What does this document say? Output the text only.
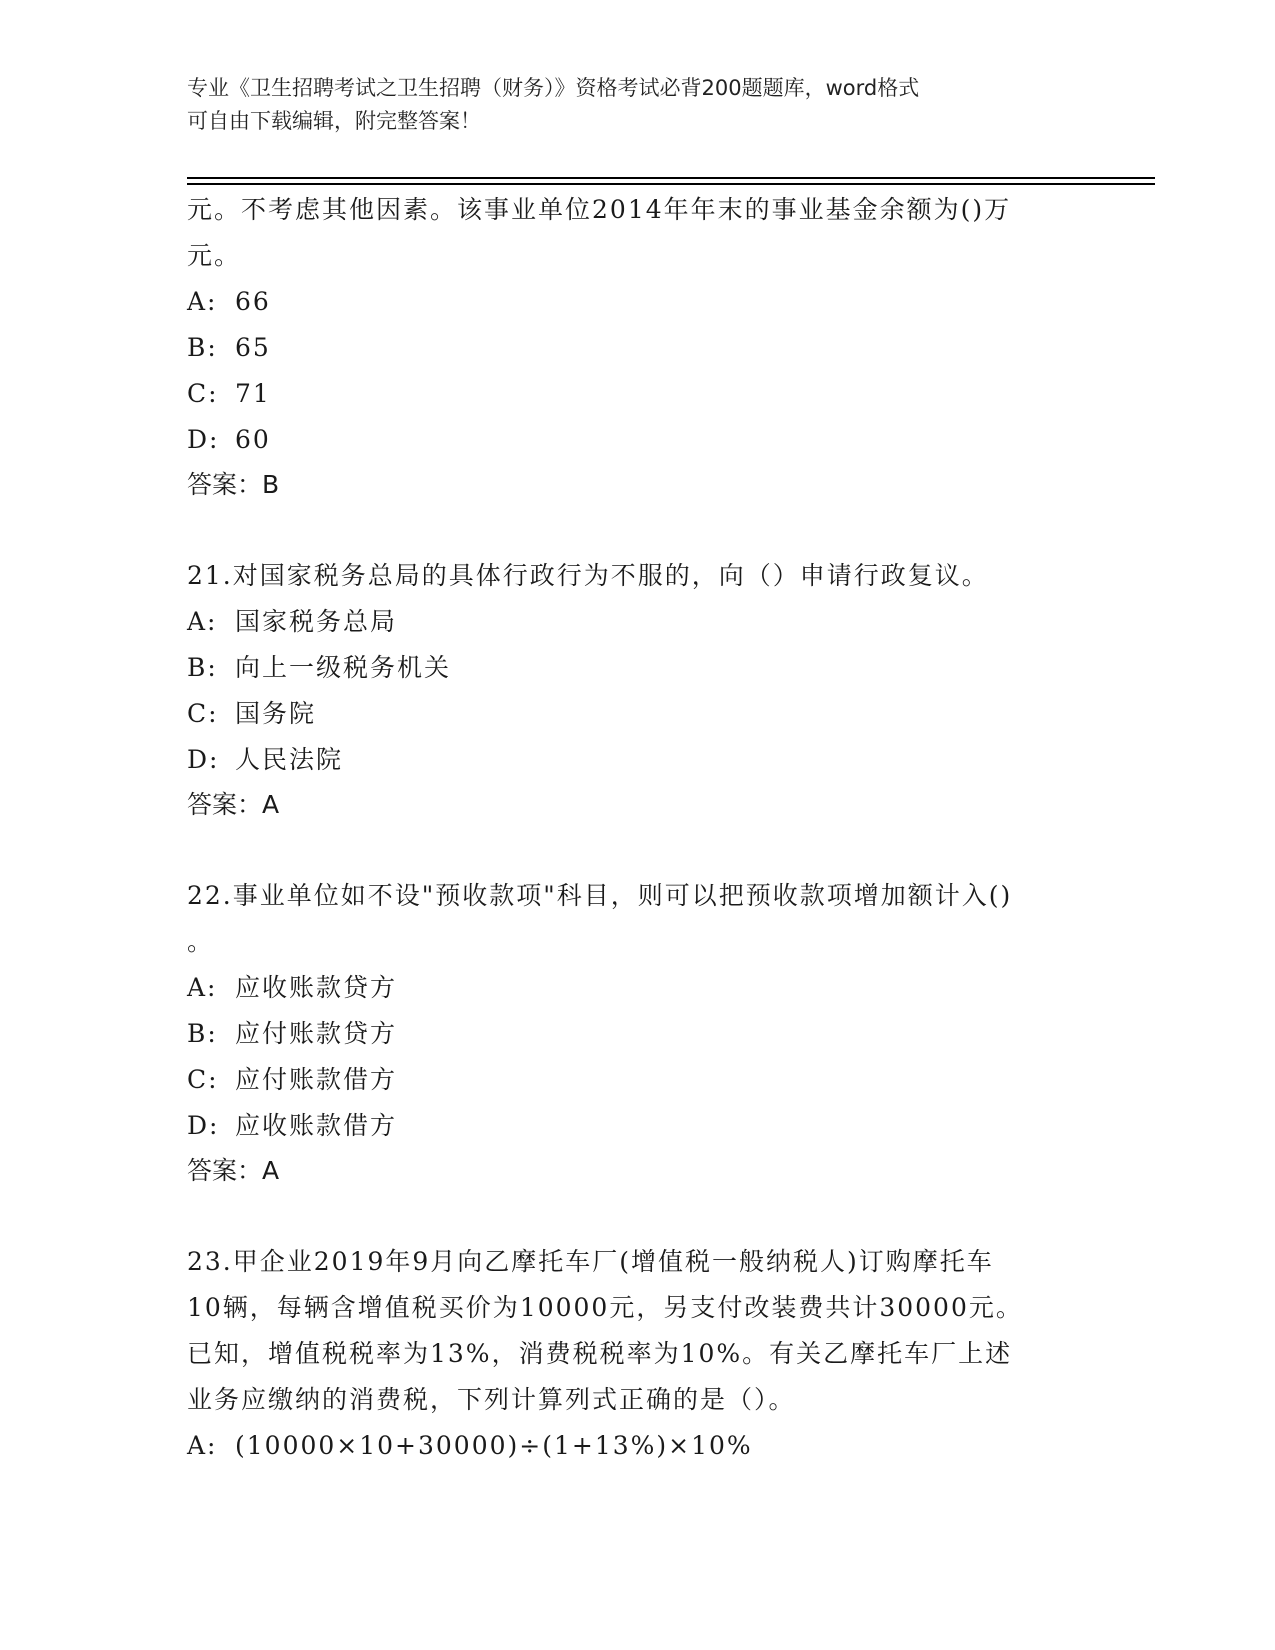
专业《卫生招聘考试之卫生招聘（财务）》资格考试必背200题题库，word格式
可自由下载编辑，附完整答案！
元。不考虑其他因素。该事业单位2014年年末的事业基金余额为()万
元。
A: 66
B: 65
C: 71
D: 60
答案：B
21.对国家税务总局的具体行政行为不服的，向（）申请行政复议。
A: 国家税务总局
B: 向上一级税务机关
C: 国务院
D: 人民法院
答案：A
22.事业单位如不设"预收款项"科目，则可以把预收款项增加额计入()
。
A: 应收账款贷方
B: 应付账款贷方
C: 应付账款借方
D: 应收账款借方
答案：A
23.甲企业2019年9月向乙摩托车厂(增值税一般纳税人)订购摩托车
10辆，每辆含增值税买价为10000元，另支付改装费共计30000元。
已知，增值税税率为13%，消费税税率为10%。有关乙摩托车厂上述
业务应缴纳的消费税，下列计算列式正确的是（）。
A: (10000×10+30000)÷(1+13%)×10%
